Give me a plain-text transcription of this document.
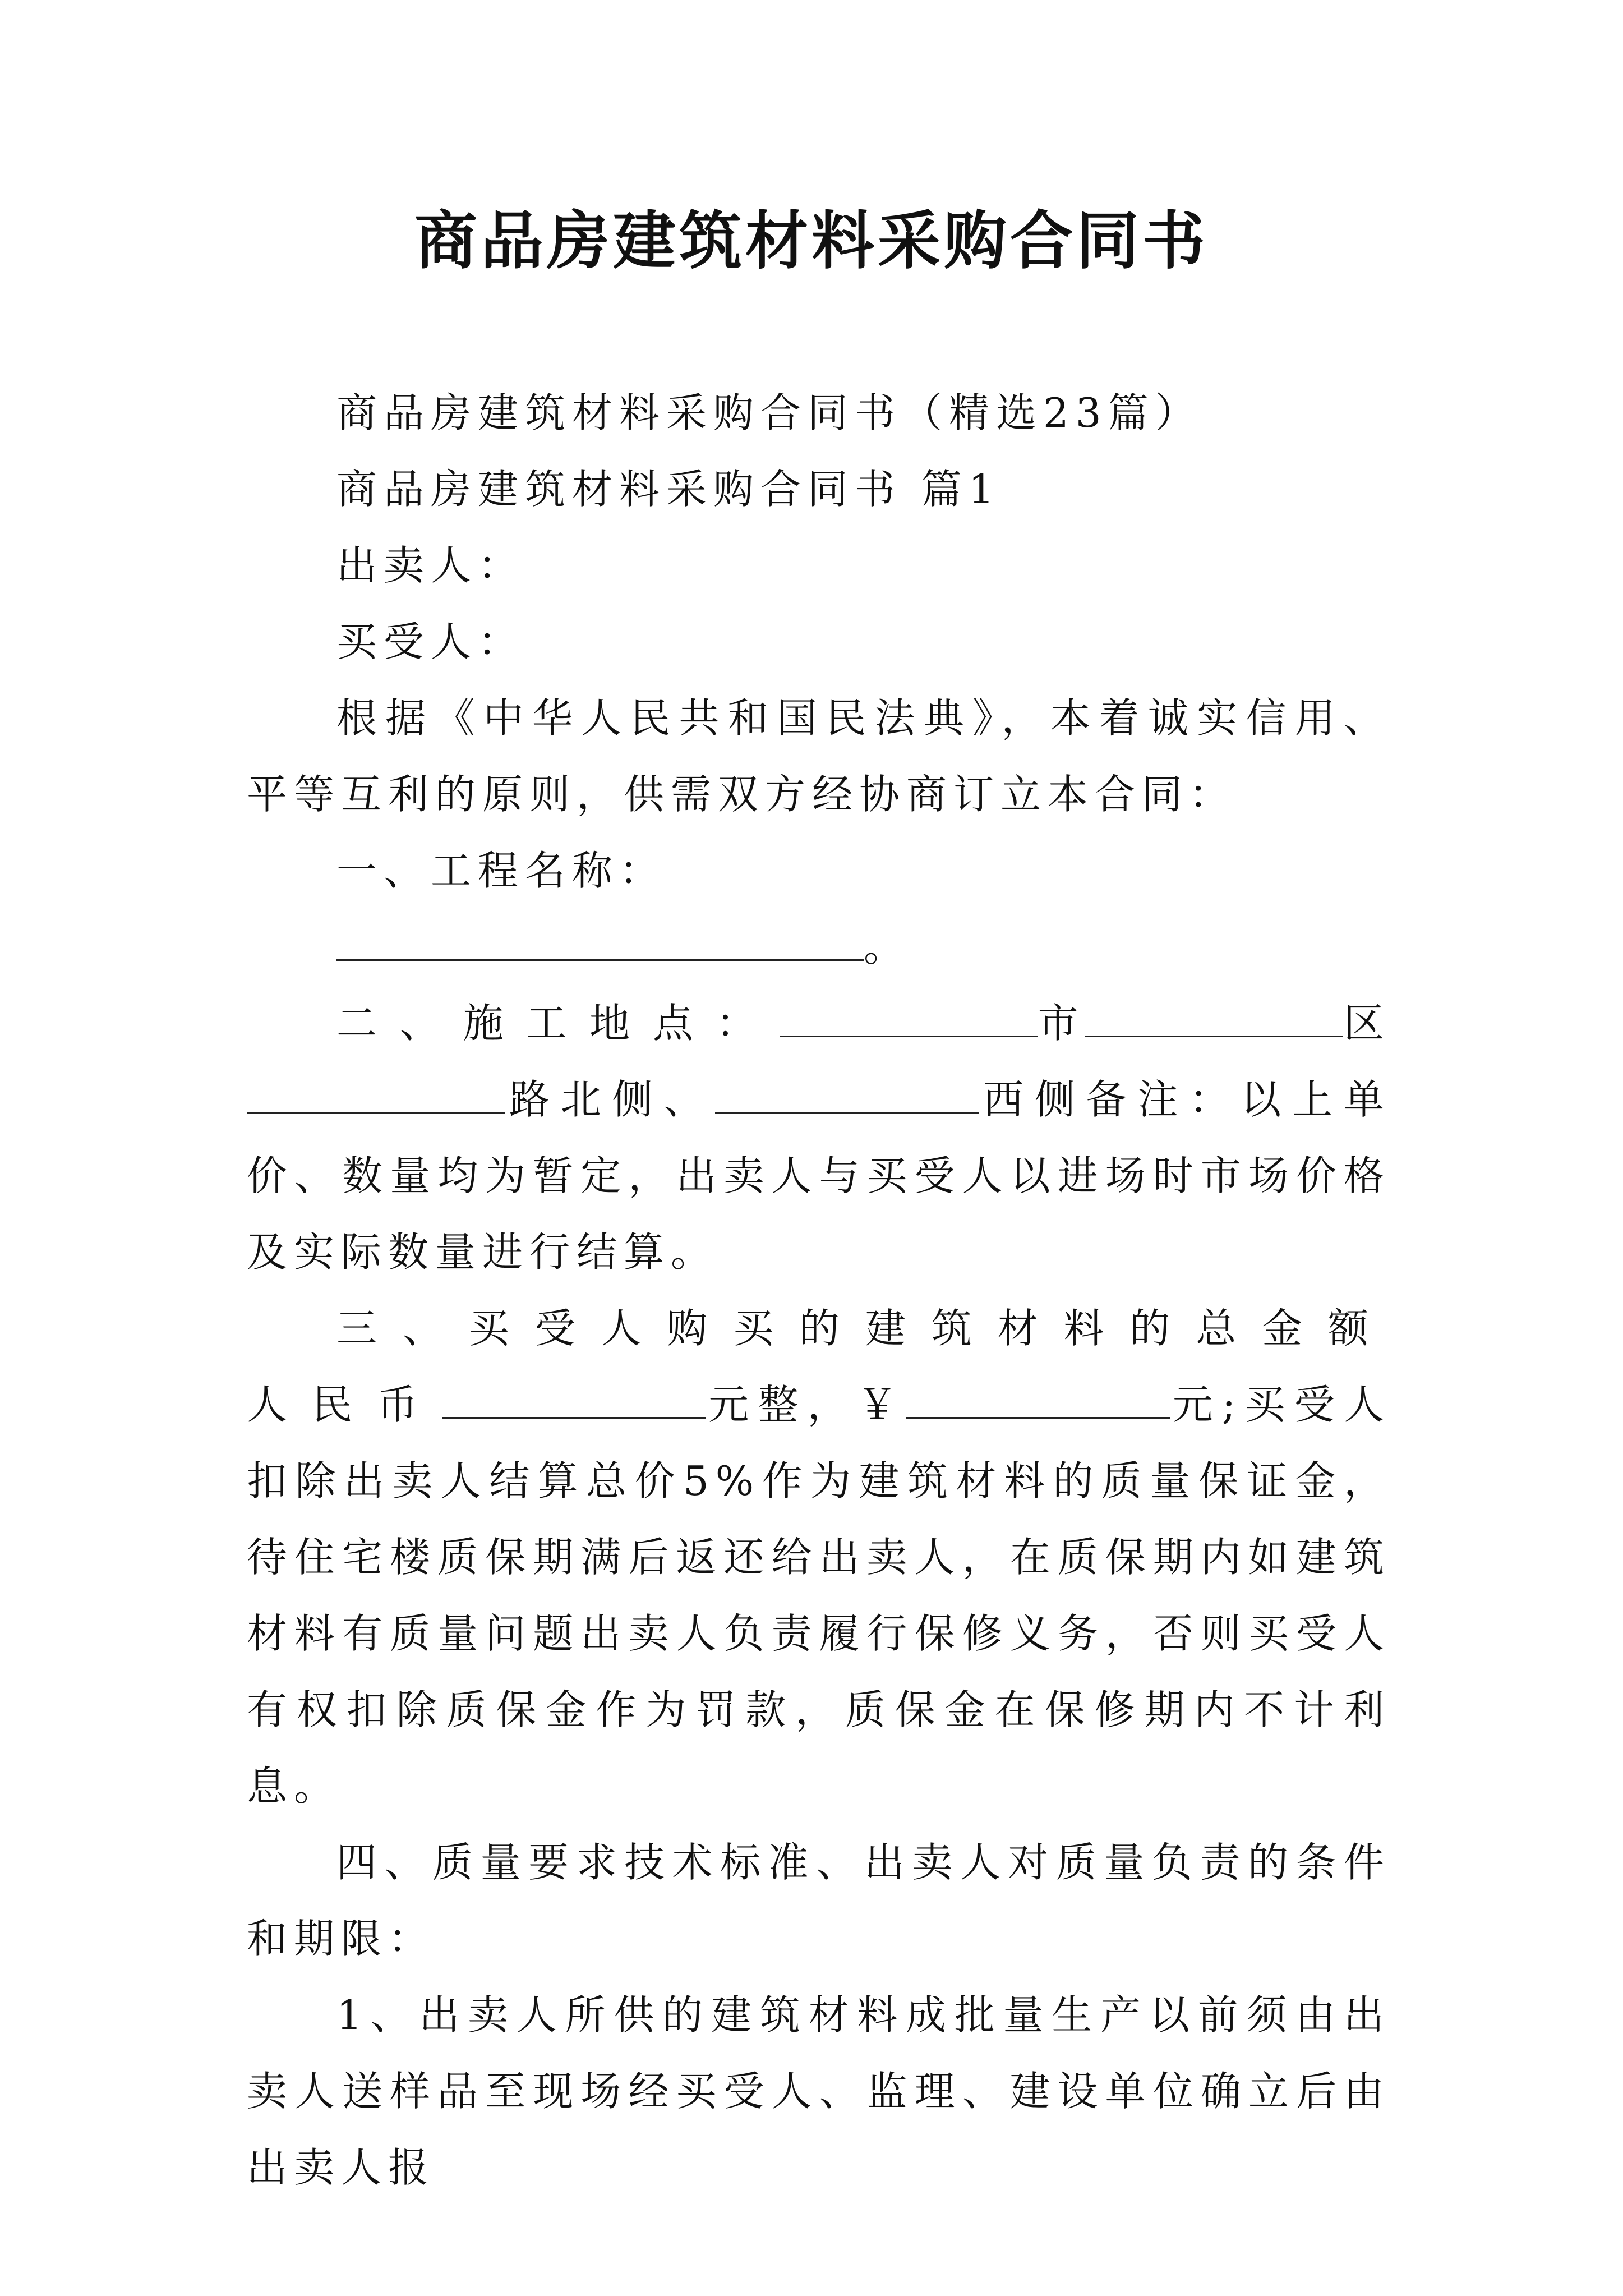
商品房建筑材料采购合同书

商品房建筑材料采购合同书（精选23篇）

商品房建筑材料采购合同书 篇1

出卖人：

买受人：

根据《中华人民共和国民法典》，本着诚实信用、平等互利的原则，供需双方经协商订立本合同：

一、工程名称：

。

二、施工地点：	市	区路北侧、	西侧备注：以上单价、数量均为暂定，出卖人与买受人以进场时市场价格及实际数量进行结算。

三、买受人购买的建筑材料的总金额人民币	元整，￥	元;买受人扣除出卖人结算总价5%作为建筑材料的质量保证金，待住宅楼质保期满后返还给出卖人，在质保期内如建筑材料有质量问题出卖人负责履行保修义务，否则买受人有权扣除质保金作为罚款，质保金在保修期内不计利息。

四、质量要求技术标准、出卖人对质量负责的条件和期限：

1、出卖人所供的建筑材料成批量生产以前须由出卖人送样品至现场经买受人、监理、建设单位确立后由出卖人报
